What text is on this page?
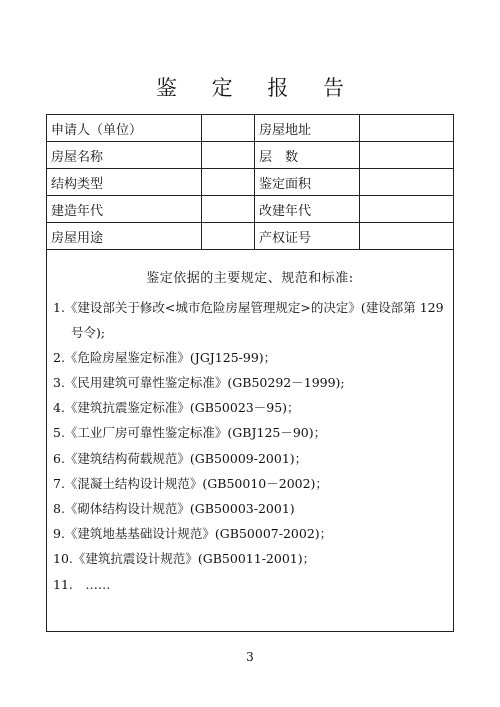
鉴 定 报 告
申请人（单位）		房屋地址	
房屋名称		层　数	
结构类型		鉴定面积	
建造年代		改建年代	
房屋用途		产权证号	
鉴定依据的主要规定、规范和标准:
1.《建设部关于修改<城市危险房屋管理规定>的决定》(建设部第 129
号令);
2.《危险房屋鉴定标准》(JGJ125-99)；
3.《民用建筑可靠性鉴定标准》(GB50292－1999);
4.《建筑抗震鉴定标准》(GB50023－95)；
5.《工业厂房可靠性鉴定标准》(GBJ125－90)；
6.《建筑结构荷载规范》(GB50009-2001)；
7.《混凝土结构设计规范》(GB50010－2002)；
8.《砌体结构设计规范》(GB50003-2001)
9.《建筑地基基础设计规范》(GB50007-2002)；
10.《建筑抗震设计规范》(GB50011-2001)；
11.　……
3
